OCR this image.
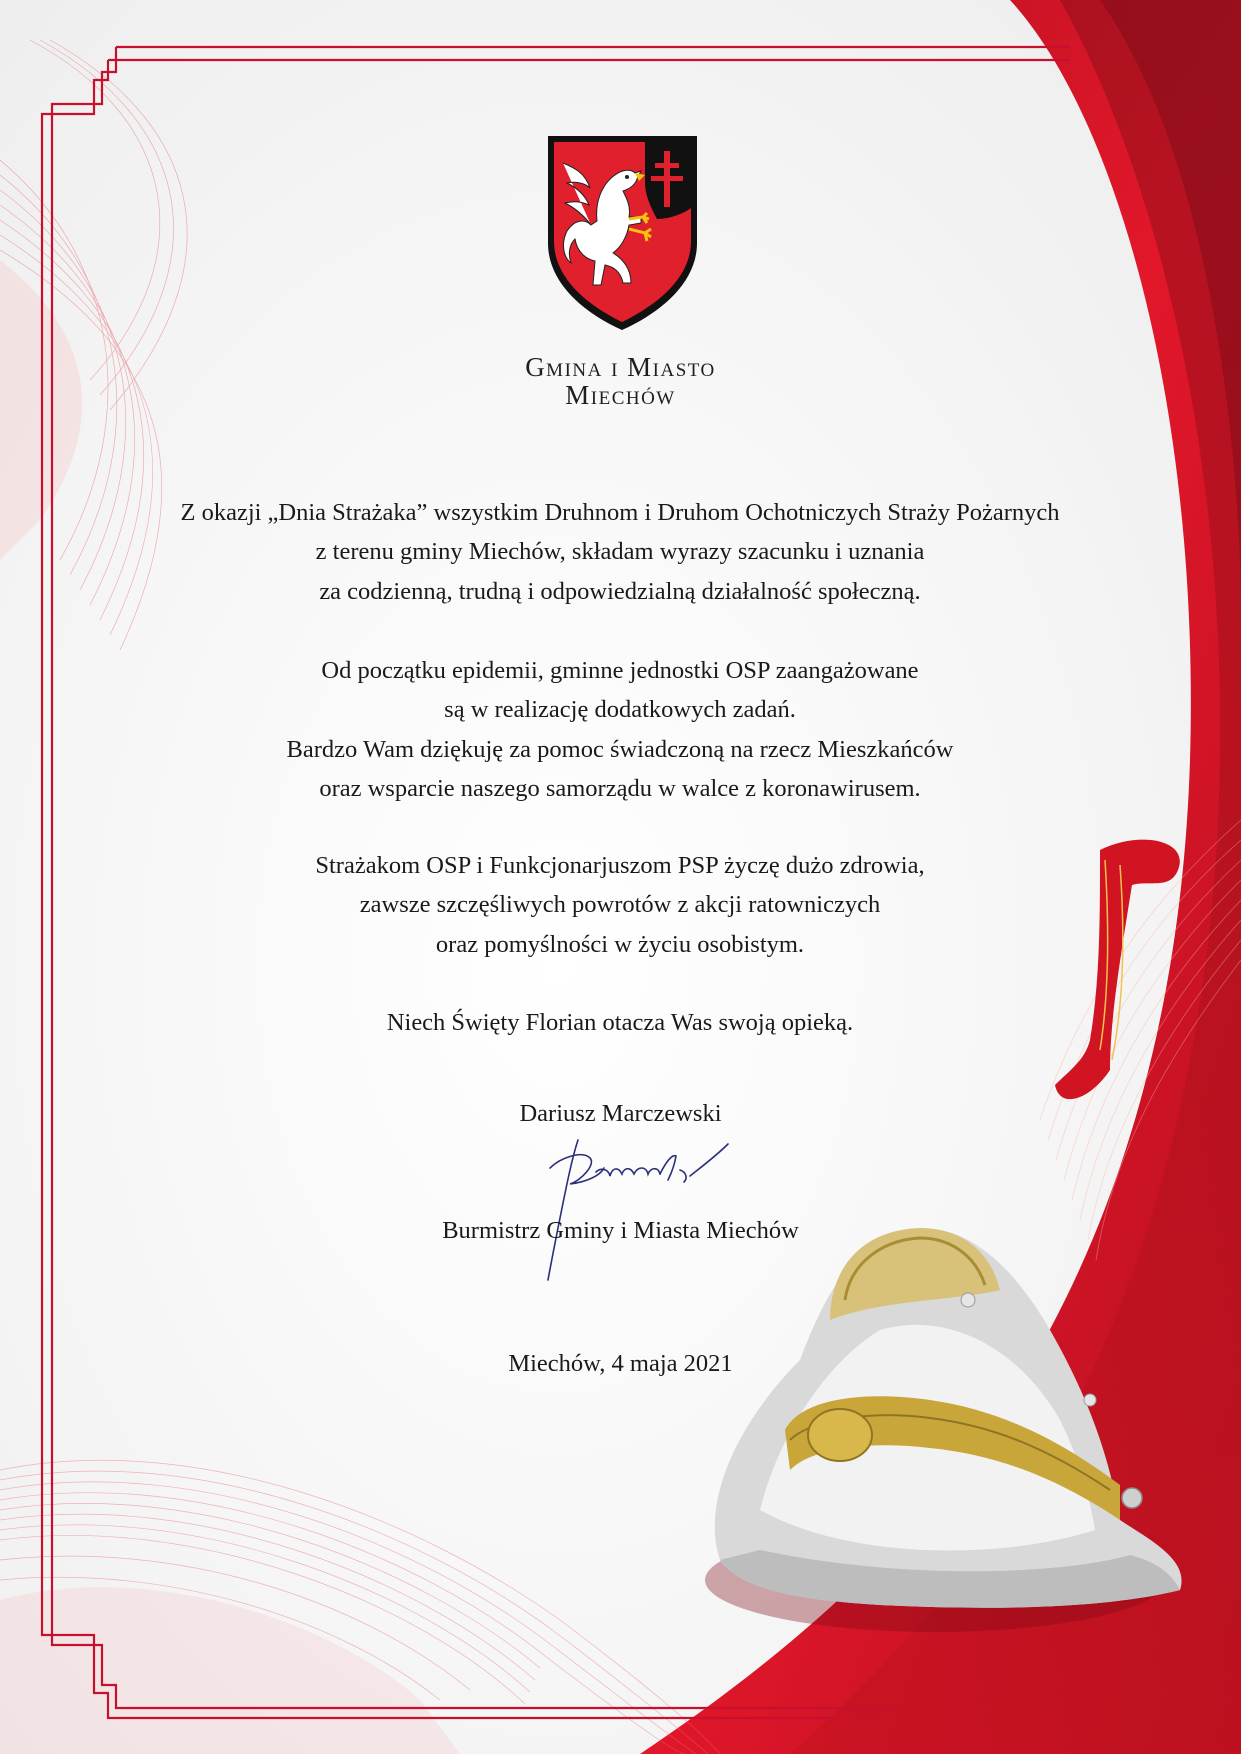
Gmina i Miasto
Miechów
Z okazji „Dnia Strażaka” wszystkim Druhnom i Druhom Ochotniczych Straży Pożarnych
z terenu gminy Miechów, składam wyrazy szacunku i uznania
za codzienną, trudną i odpowiedzialną działalność społeczną.
Od początku epidemii, gminne jednostki OSP zaangażowane
są w realizację dodatkowych zadań.
Bardzo Wam dziękuję za pomoc świadczoną na rzecz Mieszkańców
oraz wsparcie naszego samorządu w walce z koronawirusem.
Strażakom OSP i Funkcjonarjuszom PSP życzę dużo zdrowia,
zawsze szczęśliwych powrotów z akcji ratowniczych
oraz pomyślności w życiu osobistym.
Niech Święty Florian otacza Was swoją opieką.
Dariusz Marczewski
Burmistrz Gminy i Miasta Miechów
Miechów, 4 maja 2021
